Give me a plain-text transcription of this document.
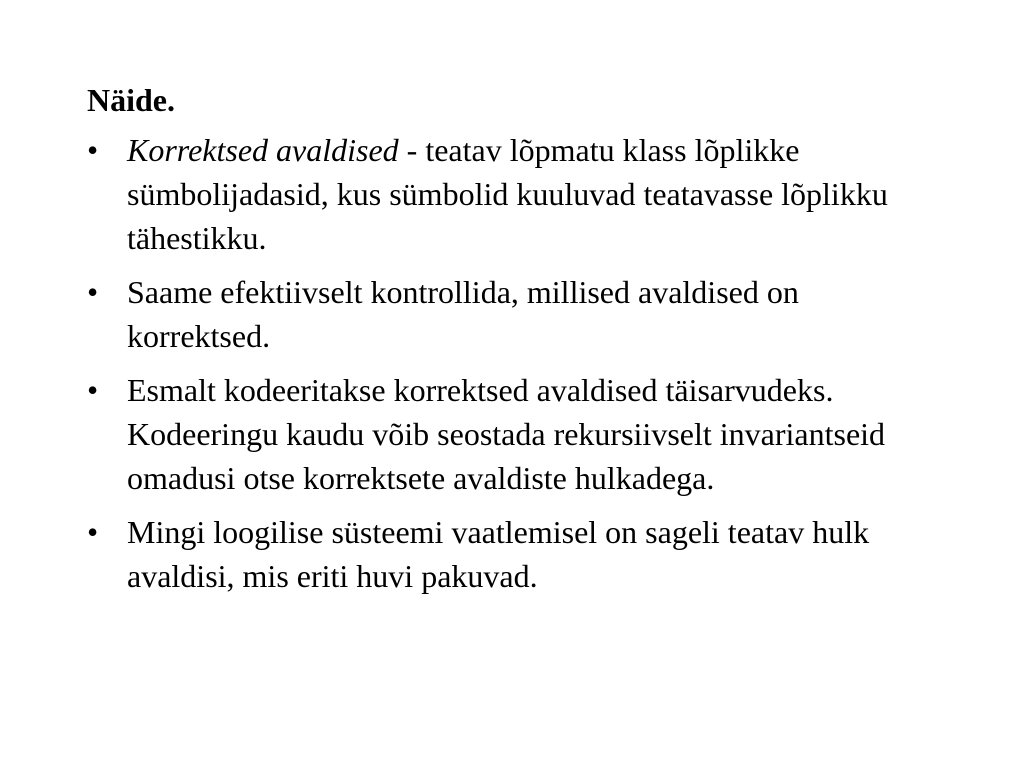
Näide.
• Korrektsed avaldised - teatav lõpmatu klass lõplikke sümbolijadasid, kus sümbolid kuuluvad teatavasse lõplikku tähestikku.
• Saame efektiivselt kontrollida, millised avaldised on korrektsed.
• Esmalt kodeeritakse korrektsed avaldised täisarvudeks. Kodeeringu kaudu võib seostada rekursiivselt invariantseid omadusi otse korrektsete avaldiste hulkadega.
• Mingi loogilise süsteemi vaatlemisel on sageli teatav hulk avaldisi, mis eriti huvi pakuvad.
